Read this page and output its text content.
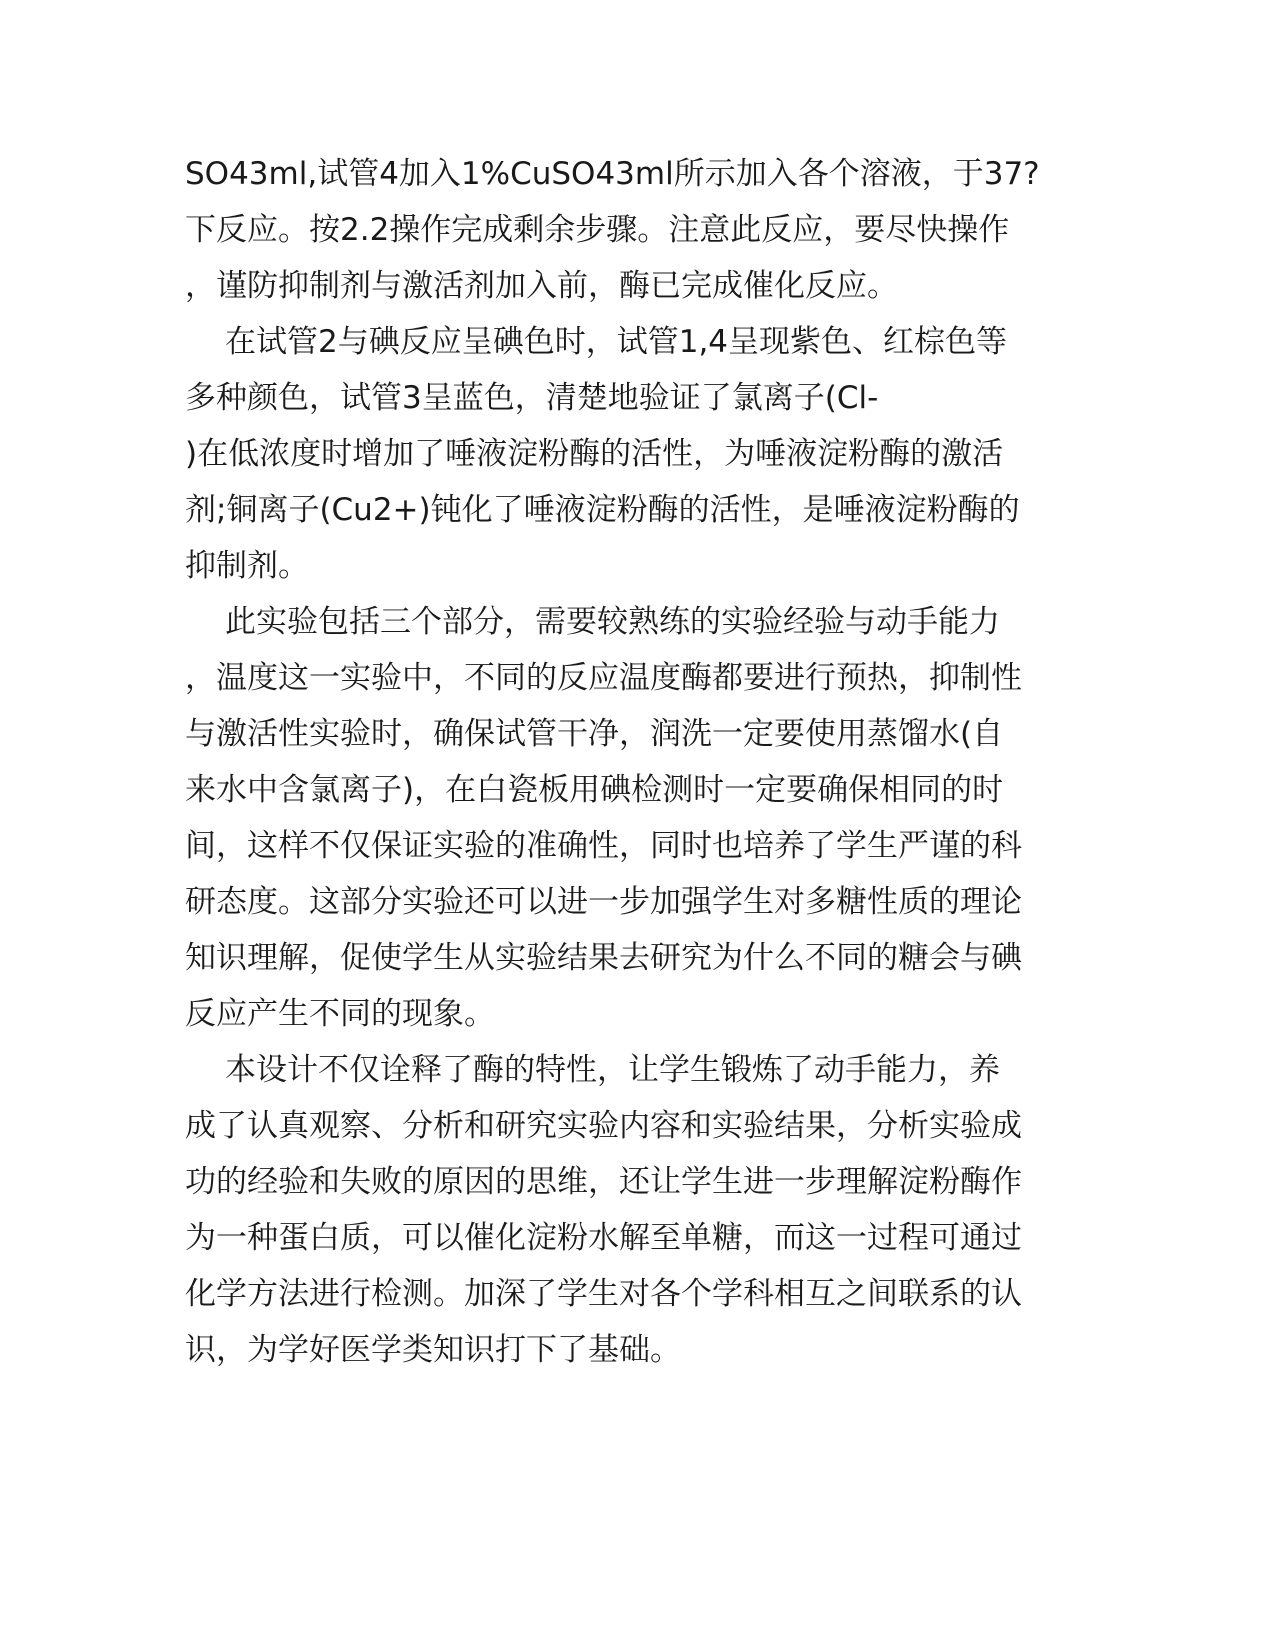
SO43ml,试管4加入1%CuSO43ml所示加入各个溶液，于37?
下反应。按2.2操作完成剩余步骤。注意此反应，要尽快操作
，谨防抑制剂与激活剂加入前，酶已完成催化反应。
在试管2与碘反应呈碘色时，试管1,4呈现紫色、红棕色等
多种颜色，试管3呈蓝色，清楚地验证了氯离子(Cl-
)在低浓度时增加了唾液淀粉酶的活性，为唾液淀粉酶的激活
剂;铜离子(Cu2+)钝化了唾液淀粉酶的活性，是唾液淀粉酶的
抑制剂。
此实验包括三个部分，需要较熟练的实验经验与动手能力
，温度这一实验中，不同的反应温度酶都要进行预热，抑制性
与激活性实验时，确保试管干净，润洗一定要使用蒸馏水(自
来水中含氯离子)，在白瓷板用碘检测时一定要确保相同的时
间，这样不仅保证实验的准确性，同时也培养了学生严谨的科
研态度。这部分实验还可以进一步加强学生对多糖性质的理论
知识理解，促使学生从实验结果去研究为什么不同的糖会与碘
反应产生不同的现象。
本设计不仅诠释了酶的特性，让学生锻炼了动手能力，养
成了认真观察、分析和研究实验内容和实验结果，分析实验成
功的经验和失败的原因的思维，还让学生进一步理解淀粉酶作
为一种蛋白质，可以催化淀粉水解至单糖，而这一过程可通过
化学方法进行检测。加深了学生对各个学科相互之间联系的认
识，为学好医学类知识打下了基础。
